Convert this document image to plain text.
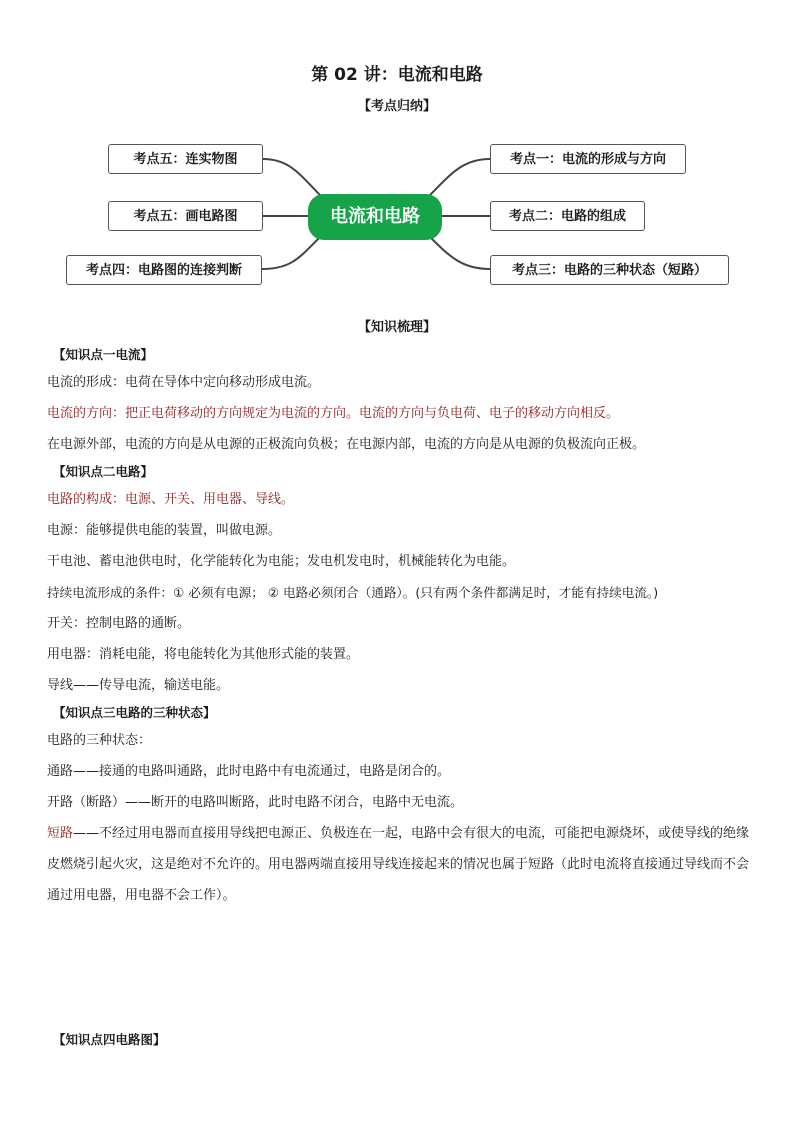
第 02 讲：电流和电路
【考点归纳】
电流和电路
考点五：连实物图
考点五：画电路图
考点四：电路图的连接判断
考点一：电流的形成与方向
考点二：电路的组成
考点三：电路的三种状态（短路）
【知识梳理】
【知识点一电流】
电流的形成：电荷在导体中定向移动形成电流。
电流的方向：把正电荷移动的方向规定为电流的方向。电流的方向与负电荷、电子的移动方向相反。
在电源外部，电流的方向是从电源的正极流向负极；在电源内部，电流的方向是从电源的负极流向正极。
【知识点二电路】
电路的构成：电源、开关、用电器、导线。
电源：能够提供电能的装置，叫做电源。
干电池、蓄电池供电时，化学能转化为电能；发电机发电时，机械能转化为电能。
持续电流形成的条件：① 必须有电源； ② 电路必须闭合（通路）。(只有两个条件都满足时，才能有持续电流。)
开关：控制电路的通断。
用电器：消耗电能，将电能转化为其他形式能的装置。
导线——传导电流，输送电能。
【知识点三电路的三种状态】
电路的三种状态：
通路——接通的电路叫通路，此时电路中有电流通过，电路是闭合的。
开路（断路）——断开的电路叫断路，此时电路不闭合，电路中无电流。
短路——不经过用电器而直接用导线把电源正、负极连在一起，电路中会有很大的电流，可能把电源烧坏，或使导线的绝缘皮燃烧引起火灾，这是绝对不允许的。用电器两端直接用导线连接起来的情况也属于短路（此时电流将直接通过导线而不会通过用电器，用电器不会工作）。
【知识点四电路图】
